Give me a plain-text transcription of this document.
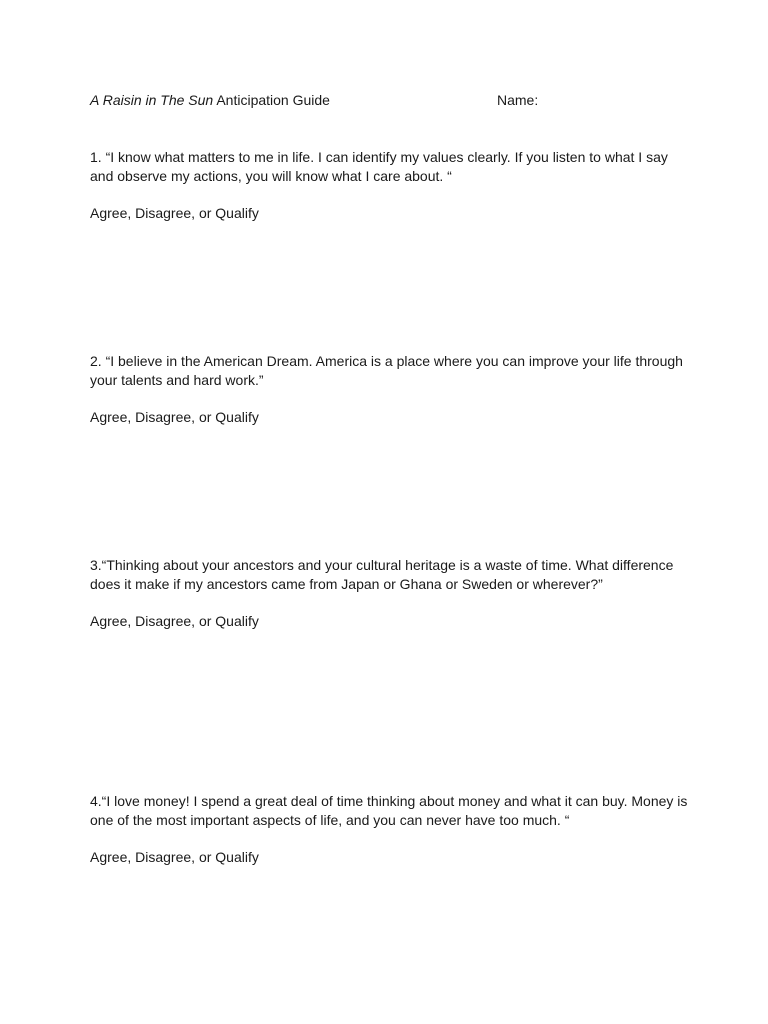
A Raisin in The Sun Anticipation Guide	Name:

1. “I know what matters to me in life. I can identify my values clearly. If you listen to what I say and observe my actions, you will know what I care about. “

Agree, Disagree, or Qualify

2. “I believe in the American Dream. America is a place where you can improve your life through your talents and hard work.”

Agree, Disagree, or Qualify

3.“Thinking about your ancestors and your cultural heritage is a waste of time. What difference does it make if my ancestors came from Japan or Ghana or Sweden or wherever?”

Agree, Disagree, or Qualify

4.“I love money! I spend a great deal of time thinking about money and what it can buy. Money is one of the most important aspects of life, and you can never have too much. “

Agree, Disagree, or Qualify
